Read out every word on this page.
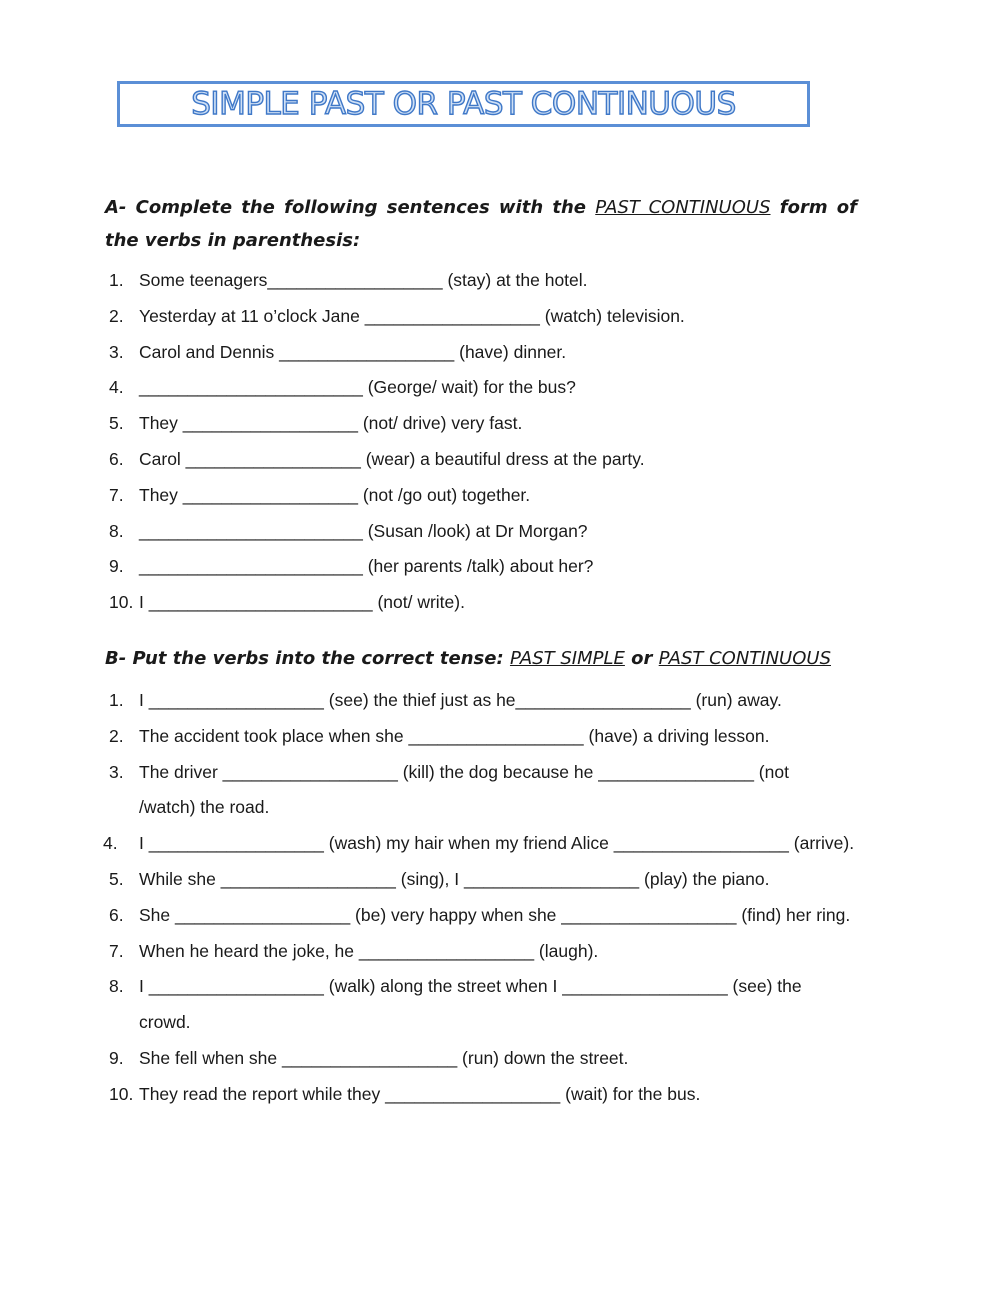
SIMPLE PAST OR PAST CONTINUOUS
A- Complete the following sentences with the PAST CONTINUOUS form of the verbs in parenthesis:
1. Some teenagers__________________ (stay) at the hotel.
2. Yesterday at 11 o’clock Jane __________________ (watch) television.
3. Carol and Dennis __________________ (have) dinner.
4. _______________________ (George/ wait) for the bus?
5. They __________________ (not/ drive) very fast.
6. Carol __________________ (wear) a beautiful dress at the party.
7. They __________________ (not /go out) together.
8. _______________________ (Susan /look) at Dr Morgan?
9. _______________________ (her parents /talk) about her?
10. I _______________________ (not/ write).
B- Put the verbs into the correct tense: PAST SIMPLE or PAST CONTINUOUS
1. I __________________ (see) the thief just as he__________________ (run) away.
2. The accident took place when she __________________ (have) a driving lesson.
3. The driver __________________ (kill) the dog because he ________________ (not
/watch) the road.
4. I __________________ (wash) my hair when my friend Alice __________________ (arrive).
5. While she __________________ (sing), I __________________ (play) the piano.
6. She __________________ (be) very happy when she __________________ (find) her ring.
7. When he heard the joke, he __________________ (laugh).
8. I __________________ (walk) along the street when I _________________ (see) the
crowd.
9. She fell when she __________________ (run) down the street.
10. They read the report while they __________________ (wait) for the bus.
